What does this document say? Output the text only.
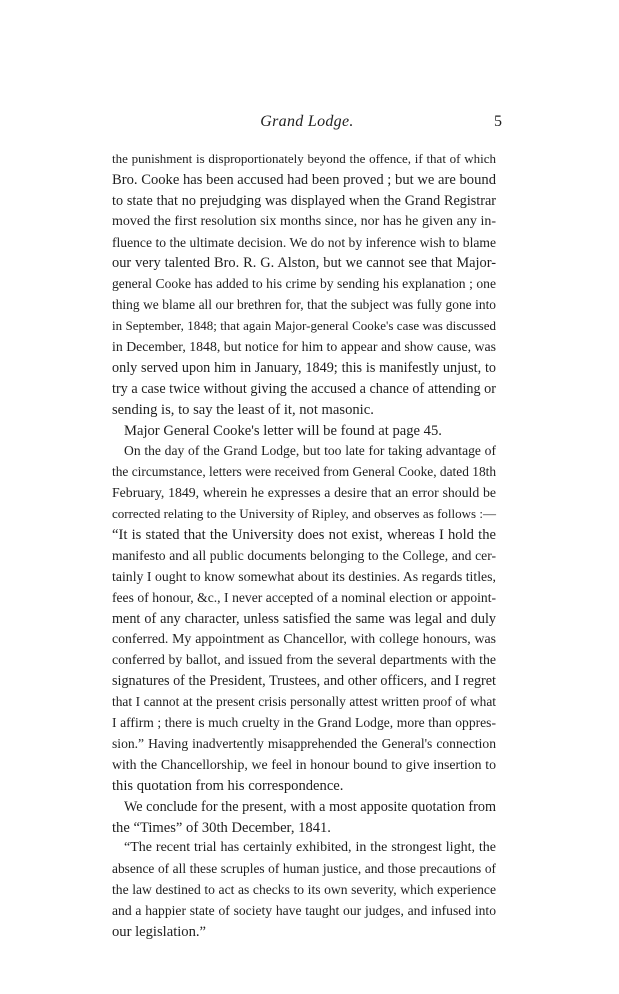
Grand Lodge.	5
the punishment is disproportionately beyond the offence, if that of which
Bro. Cooke has been accused had been proved ; but we are bound
to state that no prejudging was displayed when the Grand Registrar
moved the first resolution six months since, nor has he given any in-
fluence to the ultimate decision. We do not by inference wish to blame
our very talented Bro. R. G. Alston, but we cannot see that Major-
general Cooke has added to his crime by sending his explanation ; one
thing we blame all our brethren for, that the subject was fully gone into
in September, 1848; that again Major-general Cooke's case was discussed
in December, 1848, but notice for him to appear and show cause, was
only served upon him in January, 1849; this is manifestly unjust, to
try a case twice without giving the accused a chance of attending or
sending is, to say the least of it, not masonic.
Major General Cooke's letter will be found at page 45.
On the day of the Grand Lodge, but too late for taking advantage of
the circumstance, letters were received from General Cooke, dated 18th
February, 1849, wherein he expresses a desire that an error should be
corrected relating to the University of Ripley, and observes as follows :—
“It is stated that the University does not exist, whereas I hold the
manifesto and all public documents belonging to the College, and cer-
tainly I ought to know somewhat about its destinies. As regards titles,
fees of honour, &c., I never accepted of a nominal election or appoint-
ment of any character, unless satisfied the same was legal and duly
conferred. My appointment as Chancellor, with college honours, was
conferred by ballot, and issued from the several departments with the
signatures of the President, Trustees, and other officers, and I regret
that I cannot at the present crisis personally attest written proof of what
I affirm ; there is much cruelty in the Grand Lodge, more than oppres-
sion.” Having inadvertently misapprehended the General's connection
with the Chancellorship, we feel in honour bound to give insertion to
this quotation from his correspondence.
We conclude for the present, with a most apposite quotation from
the “Times” of 30th December, 1841.
“The recent trial has certainly exhibited, in the strongest light, the
absence of all these scruples of human justice, and those precautions of
the law destined to act as checks to its own severity, which experience
and a happier state of society have taught our judges, and infused into
our legislation.”
